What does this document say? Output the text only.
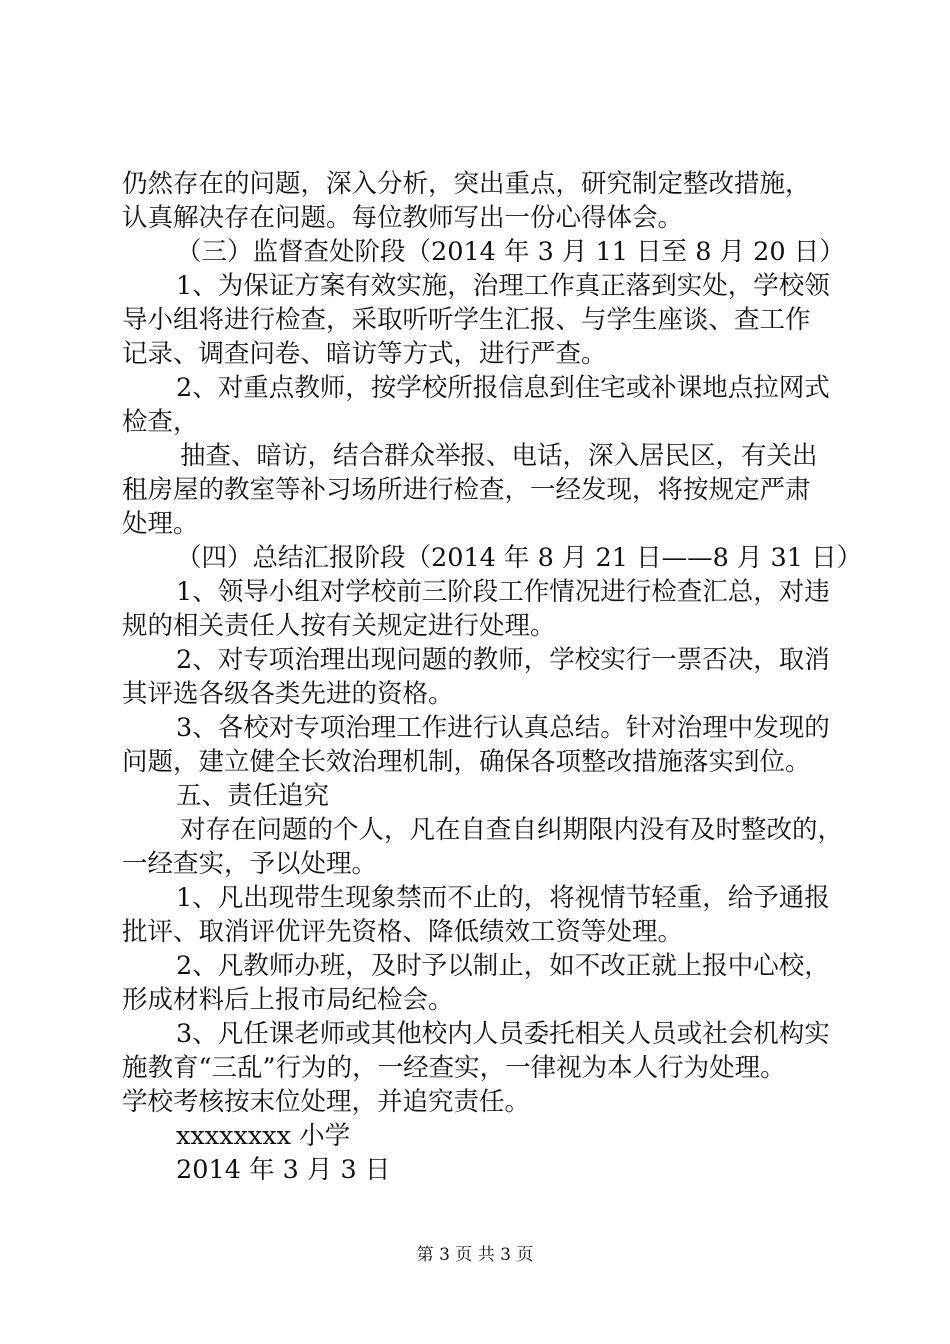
仍然存在的问题，深入分析，突出重点，研究制定整改措施，
认真解决存在问题。每位教师写出一份心得体会。
（三）监督查处阶段（2014 年 3 月 11 日至 8 月 20 日）
1、为保证方案有效实施，治理工作真正落到实处，学校领
导小组将进行检查，采取听听学生汇报、与学生座谈、查工作
记录、调查问卷、暗访等方式，进行严查。
2、对重点教师，按学校所报信息到住宅或补课地点拉网式
检查，
抽查、暗访，结合群众举报、电话，深入居民区，有关出
租房屋的教室等补习场所进行检查，一经发现，将按规定严肃
处理。
（四）总结汇报阶段（2014 年 8 月 21 日——8 月 31 日）
1、领导小组对学校前三阶段工作情况进行检查汇总，对违
规的相关责任人按有关规定进行处理。
2、对专项治理出现问题的教师，学校实行一票否决，取消
其评选各级各类先进的资格。
3、各校对专项治理工作进行认真总结。针对治理中发现的
问题，建立健全长效治理机制，确保各项整改措施落实到位。
五、责任追究
对存在问题的个人，凡在自查自纠期限内没有及时整改的，
一经查实，予以处理。
1、凡出现带生现象禁而不止的，将视情节轻重，给予通报
批评、取消评优评先资格、降低绩效工资等处理。
2、凡教师办班，及时予以制止，如不改正就上报中心校，
形成材料后上报市局纪检会。
3、凡任课老师或其他校内人员委托相关人员或社会机构实
施教育“三乱”行为的，一经查实，一律视为本人行为处理。
学校考核按末位处理，并追究责任。
xxxxxxxx 小学
2014 年 3 月 3 日
第 3 页 共 3 页
